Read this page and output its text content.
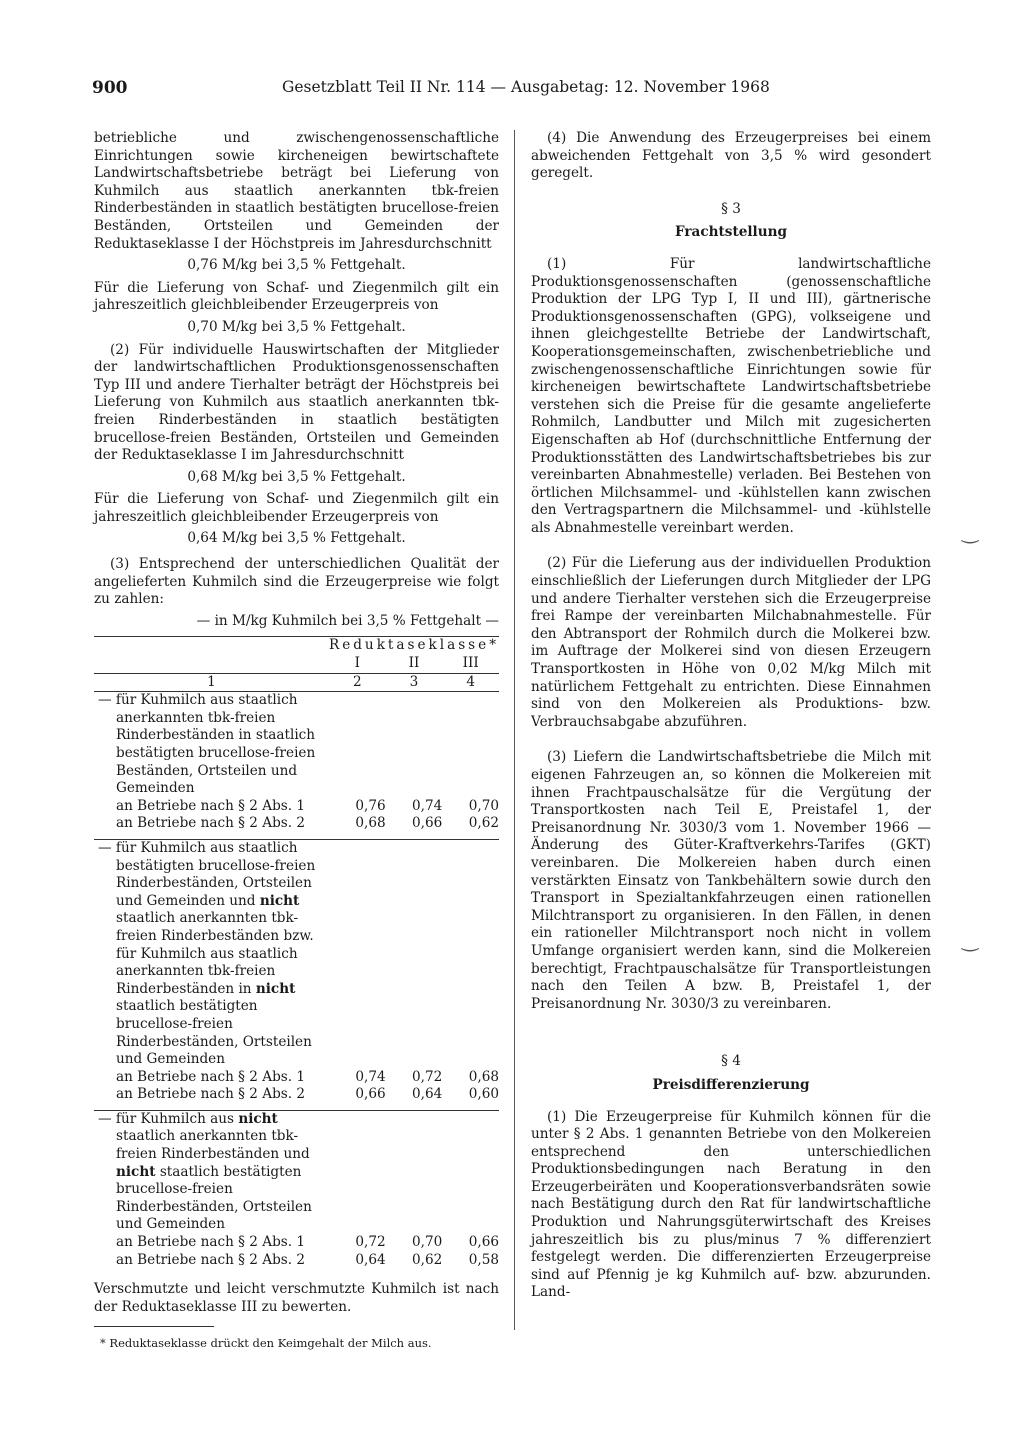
900	Gesetzblatt Teil II Nr. 114 — Ausgabetag: 12. November 1968

betriebliche und zwischengenossenschaftliche Einrichtungen sowie kircheneigen bewirtschaftete Landwirtschaftsbetriebe beträgt bei Lieferung von Kuhmilch aus staatlich anerkannten tbk-freien Rinderbeständen in staatlich bestätigten brucellose-freien Beständen, Ortsteilen und Gemeinden der Reduktaseklasse I der Höchstpreis im Jahresdurchschnitt

0,76 M/kg bei 3,5 % Fettgehalt.

Für die Lieferung von Schaf- und Ziegenmilch gilt ein jahreszeitlich gleichbleibender Erzeugerpreis von

0,70 M/kg bei 3,5 % Fettgehalt.

(2) Für individuelle Hauswirtschaften der Mitglieder der landwirtschaftlichen Produktionsgenossenschaften Typ III und andere Tierhalter beträgt der Höchstpreis bei Lieferung von Kuhmilch aus staatlich anerkannten tbk-freien Rinderbeständen in staatlich bestätigten brucellose-freien Beständen, Ortsteilen und Gemeinden der Reduktaseklasse I im Jahresdurchschnitt

0,68 M/kg bei 3,5 % Fettgehalt.

Für die Lieferung von Schaf- und Ziegenmilch gilt ein jahreszeitlich gleichbleibender Erzeugerpreis von

0,64 M/kg bei 3,5 % Fettgehalt.

(3) Entsprechend der unterschiedlichen Qualität der angelieferten Kuhmilch sind die Erzeugerpreise wie folgt zu zahlen:

— in M/kg Kuhmilch bei 3,5 % Fettgehalt —

	Reduktaseklasse*		
	I	II	III
1	2	3	4
— für Kuhmilch aus staatlich anerkannten tbk-freien Rinderbeständen in staatlich bestätigten brucellose-freien Beständen, Ortsteilen und Gemeinden			
an Betriebe nach § 2 Abs. 1	0,76	0,74	0,70
an Betriebe nach § 2 Abs. 2	0,68	0,66	0,62
— für Kuhmilch aus staatlich bestätigten brucellose-freien Rinderbeständen, Ortsteilen und Gemeinden und nicht staatlich anerkannten tbk-freien Rinderbeständen bzw. für Kuhmilch aus staatlich anerkannten tbk-freien Rinderbeständen in nicht staatlich bestätigten brucellose-freien Rinderbeständen, Ortsteilen und Gemeinden			
an Betriebe nach § 2 Abs. 1	0,74	0,72	0,68
an Betriebe nach § 2 Abs. 2	0,66	0,64	0,60
— für Kuhmilch aus nicht staatlich anerkannten tbk-freien Rinderbeständen und nicht staatlich bestätigten brucellose-freien Rinderbeständen, Ortsteilen und Gemeinden			
an Betriebe nach § 2 Abs. 1	0,72	0,70	0,66
an Betriebe nach § 2 Abs. 2	0,64	0,62	0,58

Verschmutzte und leicht verschmutzte Kuhmilch ist nach der Reduktaseklasse III zu bewerten.

* Reduktaseklasse drückt den Keimgehalt der Milch aus.

(4) Die Anwendung des Erzeugerpreises bei einem abweichenden Fettgehalt von 3,5 % wird gesondert geregelt.

§ 3

Frachtstellung

(1) Für landwirtschaftliche Produktionsgenossenschaften (genossenschaftliche Produktion der LPG Typ I, II und III), gärtnerische Produktionsgenossenschaften (GPG), volkseigene und ihnen gleichgestellte Betriebe der Landwirtschaft, Kooperationsgemeinschaften, zwischenbetriebliche und zwischengenossenschaftliche Einrichtungen sowie für kircheneigen bewirtschaftete Landwirtschaftsbetriebe verstehen sich die Preise für die gesamte angelieferte Rohmilch, Landbutter und Milch mit zugesicherten Eigenschaften ab Hof (durchschnittliche Entfernung der Produktionsstätten des Landwirtschaftsbetriebes bis zur vereinbarten Abnahmestelle) verladen. Bei Bestehen von örtlichen Milchsammel- und -kühlstellen kann zwischen den Vertragspartnern die Milchsammel- und -kühlstelle als Abnahmestelle vereinbart werden.

(2) Für die Lieferung aus der individuellen Produktion einschließlich der Lieferungen durch Mitglieder der LPG und andere Tierhalter verstehen sich die Erzeugerpreise frei Rampe der vereinbarten Milchabnahmestelle. Für den Abtransport der Rohmilch durch die Molkerei bzw. im Auftrage der Molkerei sind von diesen Erzeugern Transportkosten in Höhe von 0,02 M/kg Milch mit natürlichem Fettgehalt zu entrichten. Diese Einnahmen sind von den Molkereien als Produktions- bzw. Verbrauchsabgabe abzuführen.

(3) Liefern die Landwirtschaftsbetriebe die Milch mit eigenen Fahrzeugen an, so können die Molkereien mit ihnen Frachtpauschalsätze für die Vergütung der Transportkosten nach Teil E, Preistafel 1, der Preisanordnung Nr. 3030/3 vom 1. November 1966 — Änderung des Güter-Kraftverkehrs-Tarifes (GKT) vereinbaren. Die Molkereien haben durch einen verstärkten Einsatz von Tankbehältern sowie durch den Transport in Spezialtankfahrzeugen einen rationellen Milchtransport zu organisieren. In den Fällen, in denen ein rationeller Milchtransport noch nicht in vollem Umfange organisiert werden kann, sind die Molkereien berechtigt, Frachtpauschalsätze für Transportleistungen nach den Teilen A bzw. B, Preistafel 1, der Preisanordnung Nr. 3030/3 zu vereinbaren.

§ 4

Preisdifferenzierung

(1) Die Erzeugerpreise für Kuhmilch können für die unter § 2 Abs. 1 genannten Betriebe von den Molkereien entsprechend den unterschiedlichen Produktionsbedingungen nach Beratung in den Erzeugerbeiräten und Kooperationsverbandsräten sowie nach Bestätigung durch den Rat für landwirtschaftliche Produktion und Nahrungsgüterwirtschaft des Kreises jahreszeitlich bis zu plus/minus 7 % differenziert festgelegt werden. Die differenzierten Erzeugerpreise sind auf Pfennig je kg Kuhmilch auf- bzw. abzurunden. Land-

‿
‿
